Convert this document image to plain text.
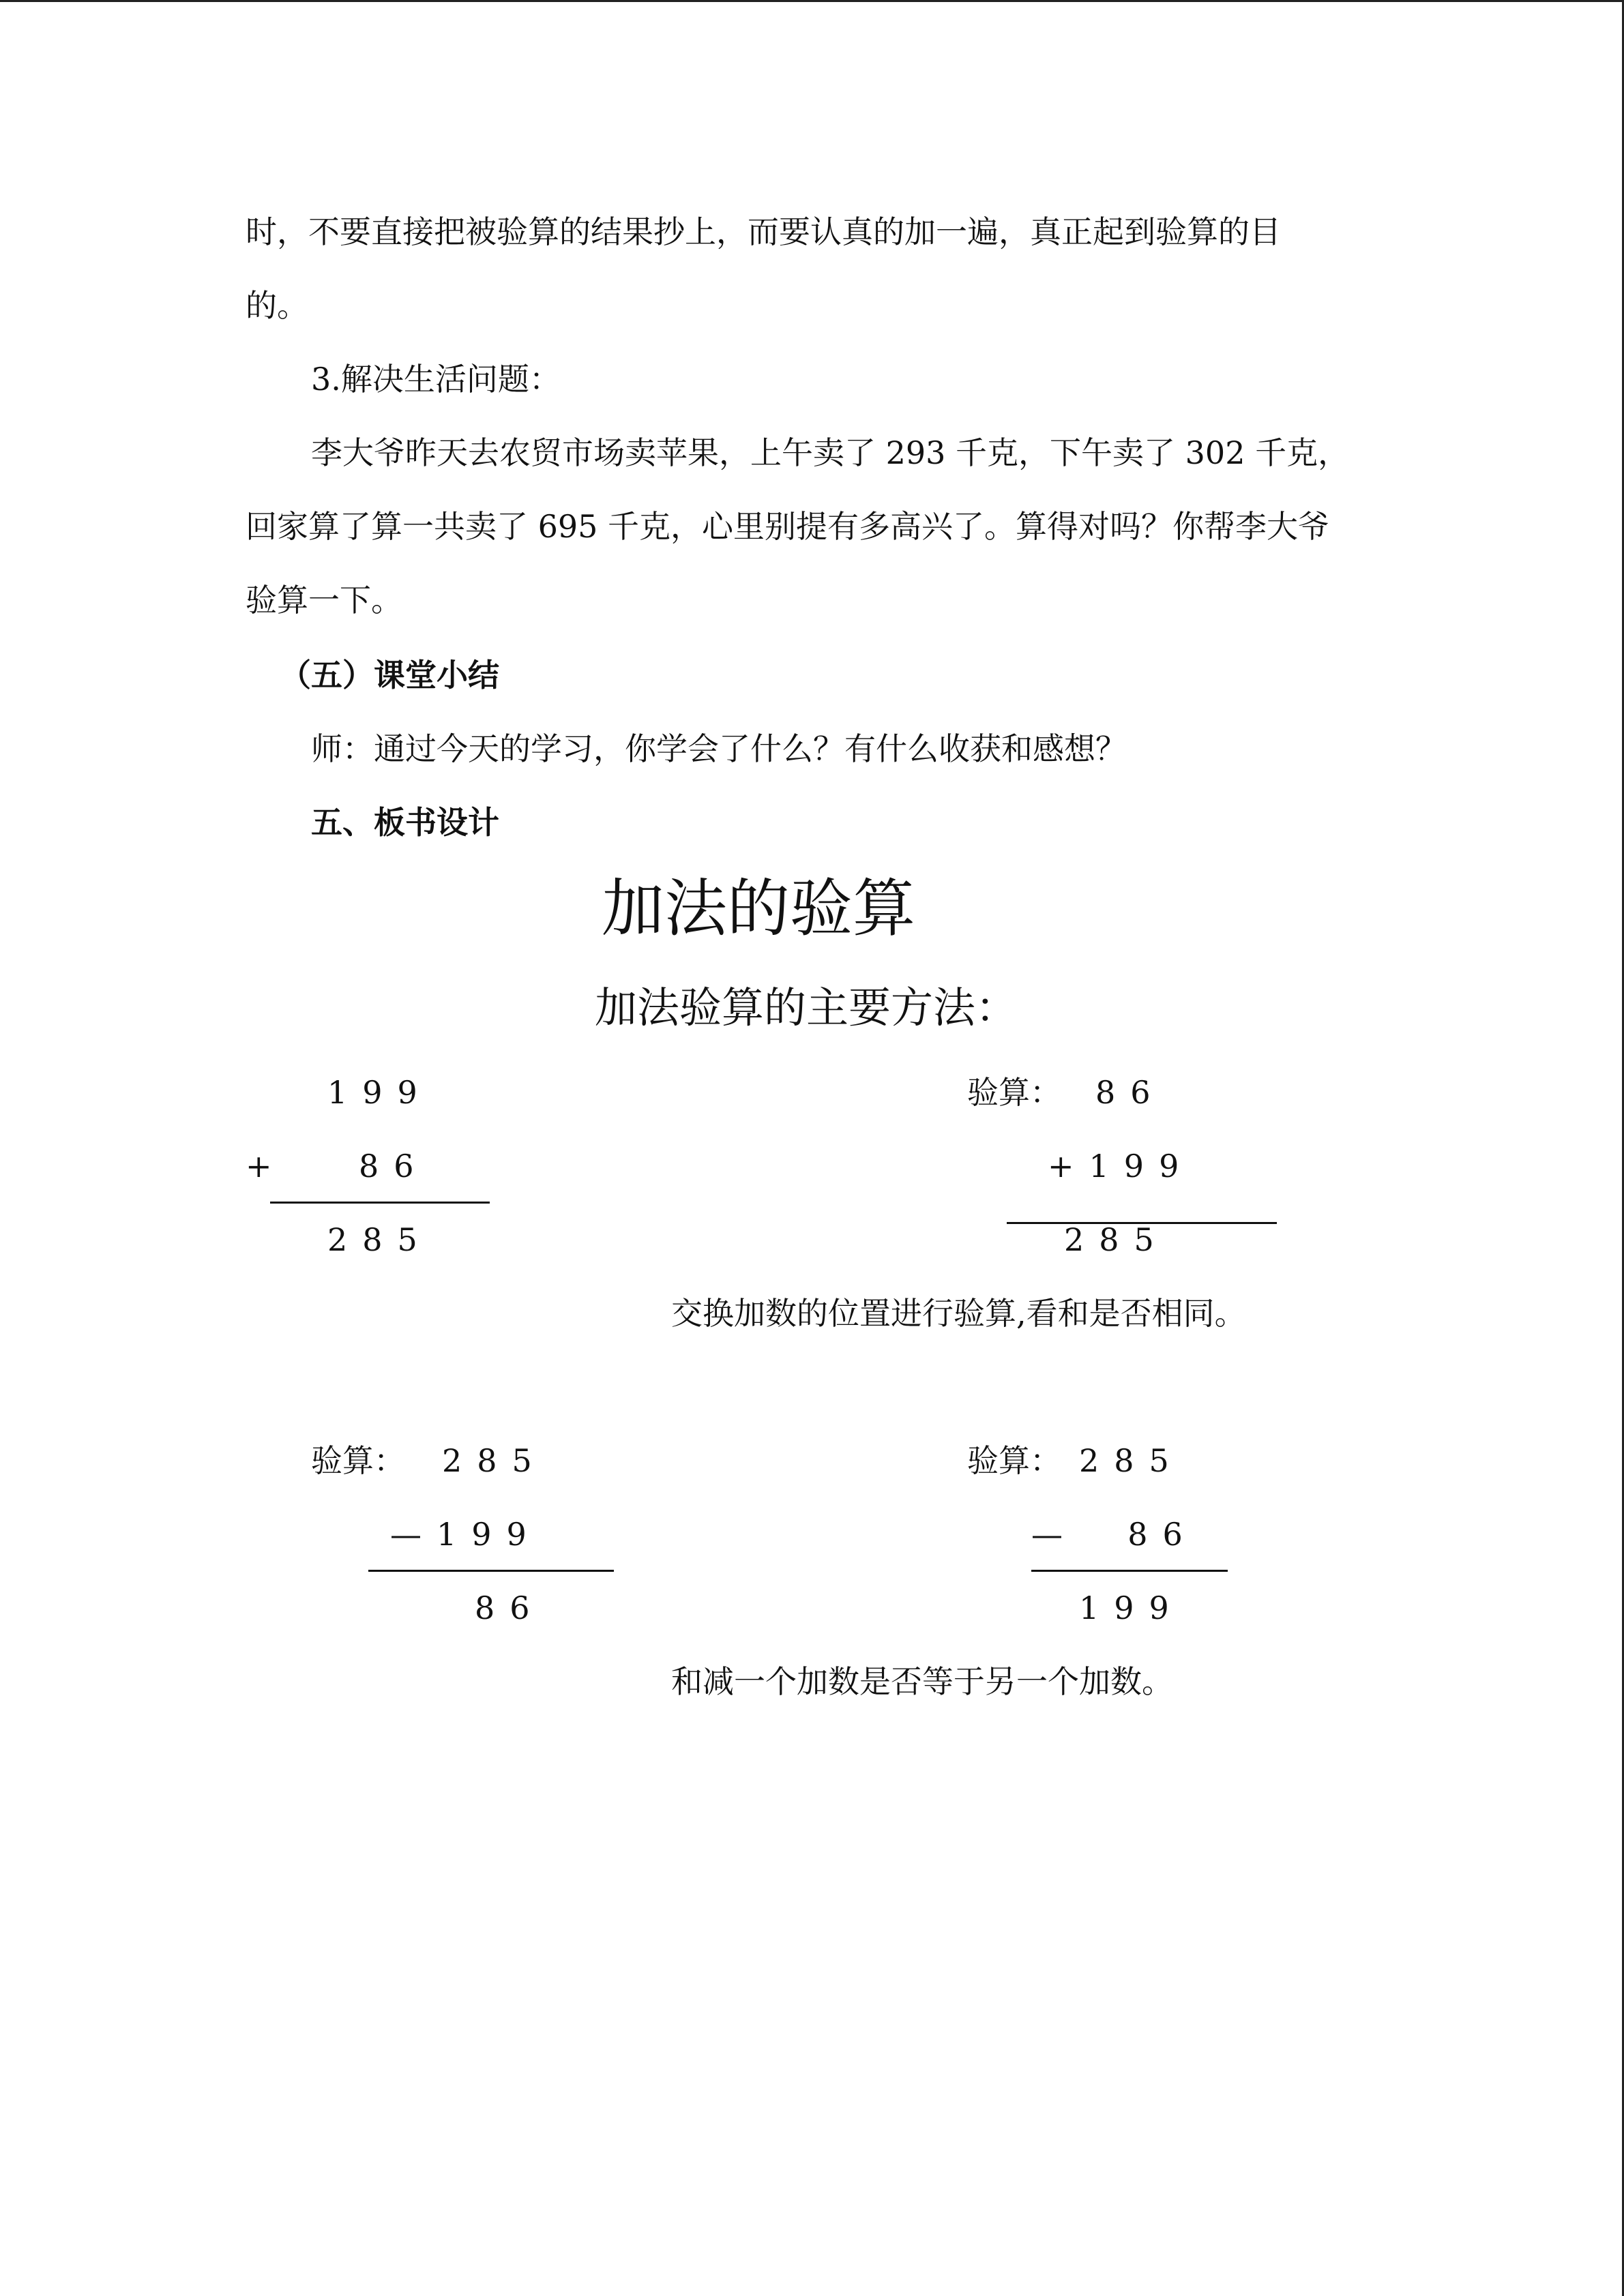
时，不要直接把被验算的结果抄上，而要认真的加一遍，真正起到验算的目
的。
3.解决生活问题：
李大爷昨天去农贸市场卖苹果，上午卖了 293 千克，下午卖了 302 千克，
回家算了算一共卖了 695 千克，心里别提有多高兴了。算得对吗？你帮李大爷
验算一下。
（五）课堂小结
师：通过今天的学习，你学会了什么？有什么收获和感想？
五、板书设计
加法的验算
加法验算的主要方法：
199
+	86
285
验算： 86
+199
285
交换加数的位置进行验算,看和是否相同。
验算： 285
—199
86
验算： 285
—  86
199
和减一个加数是否等于另一个加数。
